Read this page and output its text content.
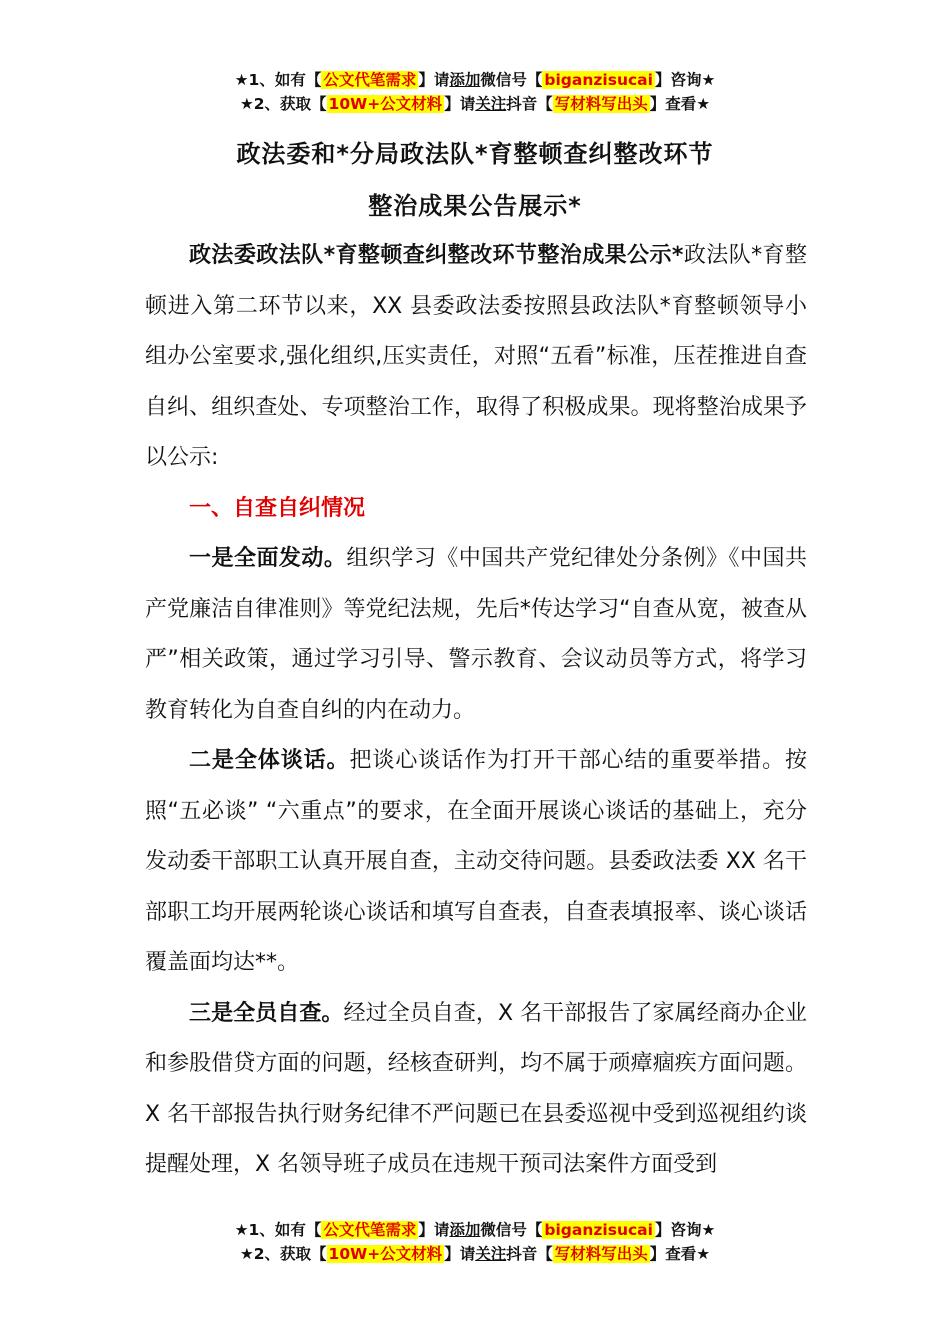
★1、如有【 公文代笔需求 】请添加微信号【 biganzisucai 】咨询★
★2、获取【 10W+公文材料 】请关注抖音【 写材料写出头 】查看★
政法委和*分局政法队*育整顿查纠整改环节
整治成果公告展示*

政法委政法队*育整顿查纠整改环节整治成果公示*政法队*育整顿进入第二环节以来，XX 县委政法委按照县政法队*育整顿领导小组办公室要求,强化组织,压实责任，对照“五看”标准，压茬推进自查自纠、组织查处、专项整治工作，取得了积极成果。现将整治成果予以公示:

一、自查自纠情况

一是全面发动。组织学习《中国共产党纪律处分条例》《中国共产党廉洁自律准则》等党纪法规，先后*传达学习“自查从宽，被查从严”相关政策，通过学习引导、警示教育、会议动员等方式，将学习教育转化为自查自纠的内在动力。

二是全体谈话。把谈心谈话作为打开干部心结的重要举措。按照“五必谈” “六重点”的要求，在全面开展谈心谈话的基础上，充分发动委干部职工认真开展自查，主动交待问题。县委政法委 XX 名干部职工均开展两轮谈心谈话和填写自查表，自查表填报率、谈心谈话覆盖面均达**。

三是全员自查。经过全员自查，X 名干部报告了家属经商办企业和参股借贷方面的问题，经核查研判，均不属于顽瘴痼疾方面问题。X 名干部报告执行财务纪律不严问题已在县委巡视中受到巡视组约谈提醒处理，X 名领导班子成员在违规干预司法案件方面受到

★1、如有【 公文代笔需求 】请添加微信号【 biganzisucai 】咨询★
★2、获取【 10W+公文材料 】请关注抖音【 写材料写出头 】查看★
